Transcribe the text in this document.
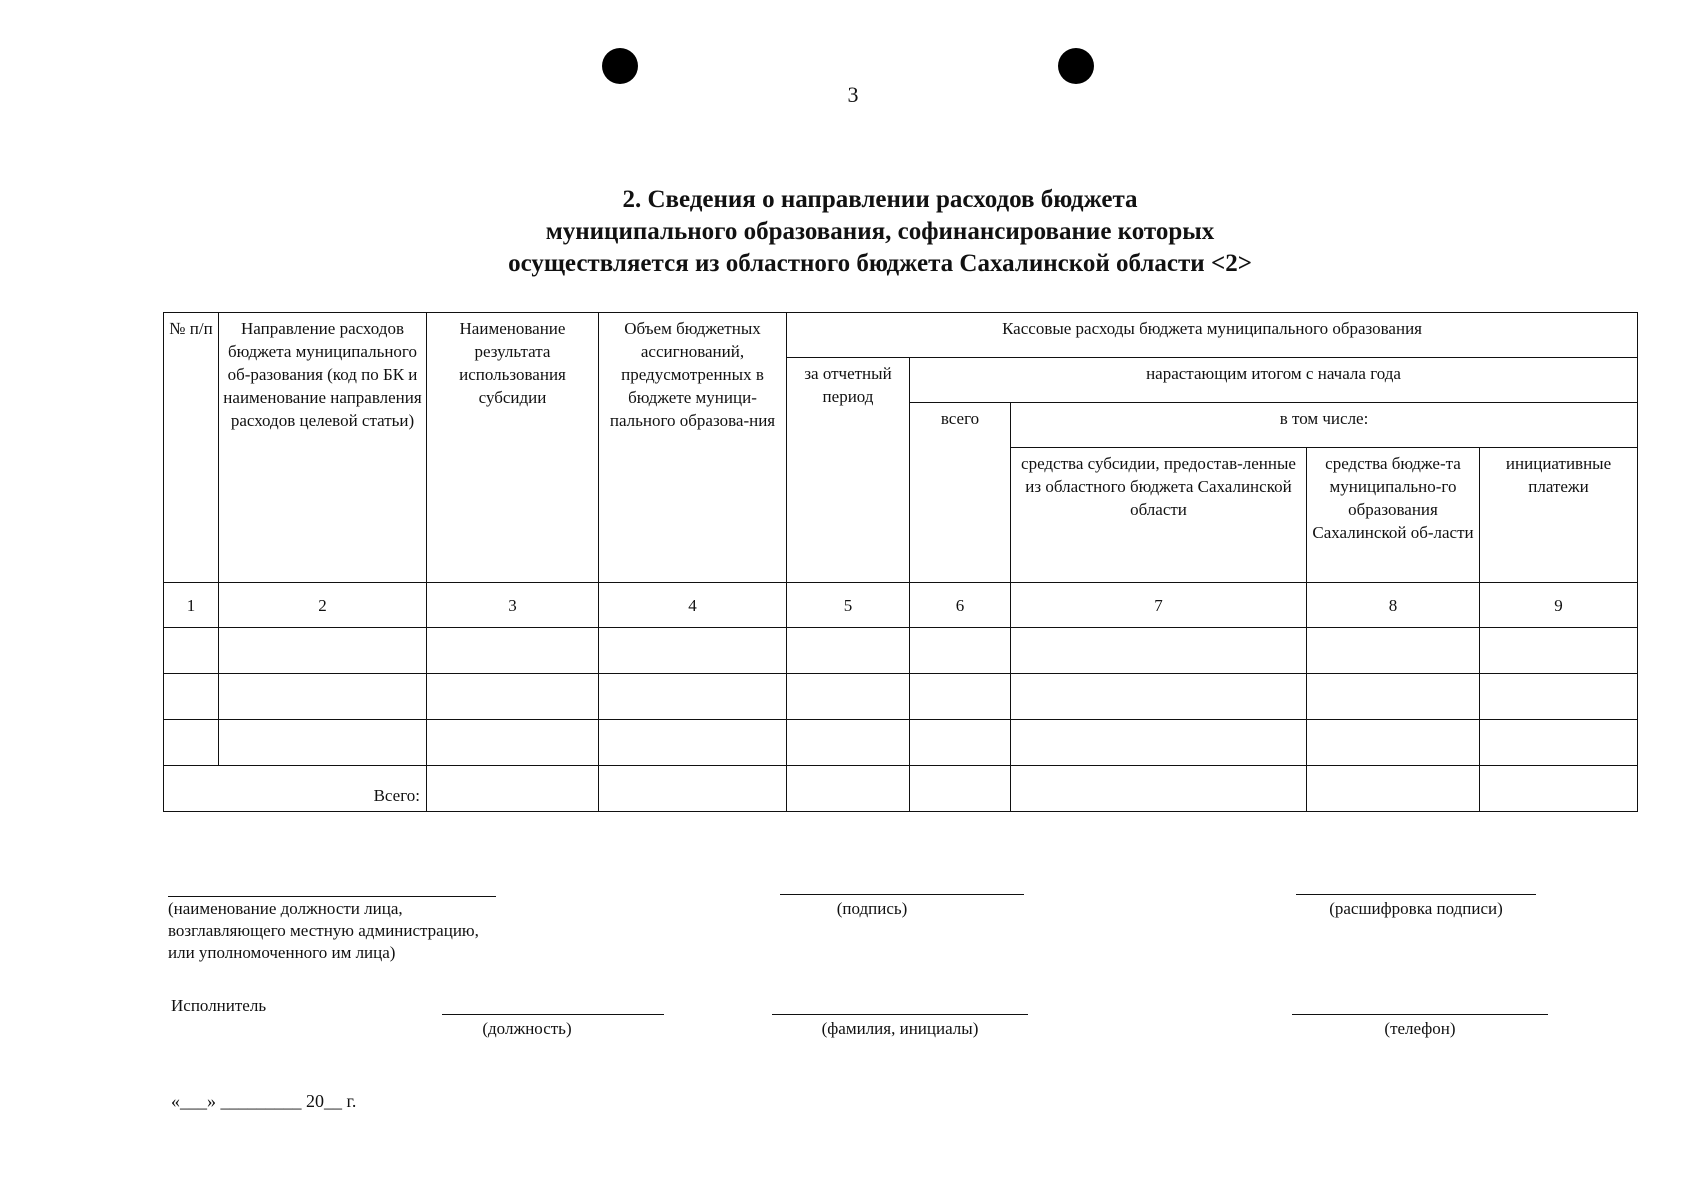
3
2. Сведения о направлении расходов бюджета
муниципального образования, софинансирование которых
осуществляется из областного бюджета Сахалинской области <2>
№ п/п	Направление расходов бюджета муниципального об-разования (код по БК и наименование направления расходов целевой статьи)	Наименование результата использования субсидии	Объем бюджетных ассигнований, предусмотренных в бюджете муници-пального образова-ния	Кассовые расходы бюджета муниципального образования				
				за отчетный период	нарастающим итогом с начала года			
					всего	в том числе:		
						средства субсидии, предостав-ленные из областного бюджета Сахалинской области	средства бюдже-та муниципально-го образования Сахалинской об-ласти	инициативные платежи
1	2	3	4	5	6	7	8	9

Всего:								
(наименование должности лица,
возглавляющего местную администрацию,
или уполномоченного им лица)
(подпись)	(расшифровка подписи)
Исполнитель
(должность)	(фамилия, инициалы)	(телефон)
«___» _________ 20__ г.
